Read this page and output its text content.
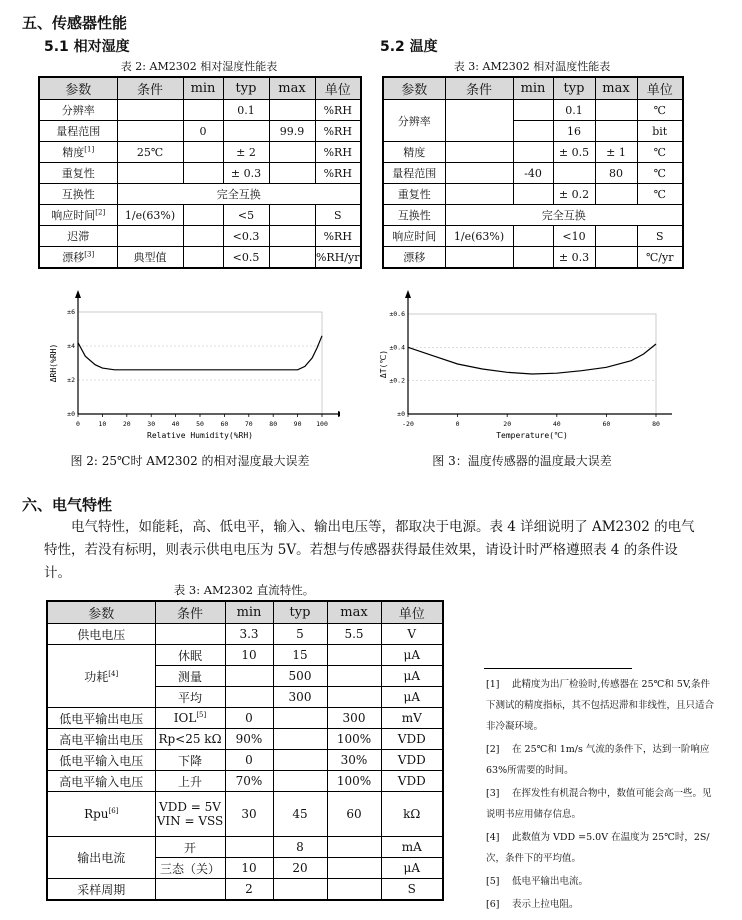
五、传感器性能
5.1 相对湿度	5.2 温度
表 2: AM2302 相对湿度性能表
参数	条件	min	typ	max	单位
分辨率			0.1		%RH
量程范围		0		99.9	%RH
精度[1]	25℃		± 2		%RH
重复性			± 0.3		%RH
互换性	完全互换				
响应时间[2]	1/e(63%)		<5		S
迟滞			<0.3		%RH
漂移[3]	典型值		<0.5		%RH/yr
表 3: AM2302 相对温度性能表
参数	条件	min	typ	max	单位
分辨率			0.1		℃
			16		bit
精度			± 0.5	± 1	℃
量程范围		-40		80	℃
重复性			± 0.2		℃
互换性	完全互换				
响应时间	1/e(63%)		<10		S
漂移			± 0.3		℃/yr
0	10	20	30	40	50	60	70	80	90 100
±0
±2
±4
±6
Relative Humidity(%RH)
ΔRH(%RH)
图 2: 25℃时 AM2302 的相对湿度最大误差
-20	0	20	40	60	80
±0
±0.2
±0.4
±0.6
Temperature(℃)
ΔT(℃)
图 3：温度传感器的温度最大误差
六、电气特性
电气特性，如能耗，高、低电平，输入、输出电压等，都取决于电源。表 4 详细说明了 AM2302 的电气特性，若没有标明，则表示供电电压为 5V。若想与传感器获得最佳效果，请设计时严格遵照表 4 的条件设计。
表 3: AM2302 直流特性。
参数	条件	min	typ	max	单位
供电电压		3.3	5	5.5	V
功耗[4]	休眠	10	15		μA
	测量		500		μA
	平均		300		μA
低电平输出电压	IOL[5]	0		300	mV
高电平输出电压	Rp<25 kΩ	90%		100%	VDD
低电平输入电压	下降	0		30%	VDD
高电平输入电压	上升	70%		100%	VDD
Rpu[6]	VDD = 5V
VIN = VSS	30	45	60	kΩ
输出电流	开		8		mA
	三态（关）	10	20		μA
采样周期		2			S
[1] 此精度为出厂检验时,传感器在 25℃和 5V,条件下测试的精度指标，其不包括迟滞和非线性，且只适合非冷凝环境。
[2] 在 25℃和 1m/s 气流的条件下，达到一阶响应 63%所需要的时间。
[3] 在挥发性有机混合物中，数值可能会高一些。见说明书应用储存信息。
[4] 此数值为 VDD =5.0V 在温度为 25℃时，2S/次，条件下的平均值。
[5] 低电平输出电流。
[6] 表示上拉电阻。
